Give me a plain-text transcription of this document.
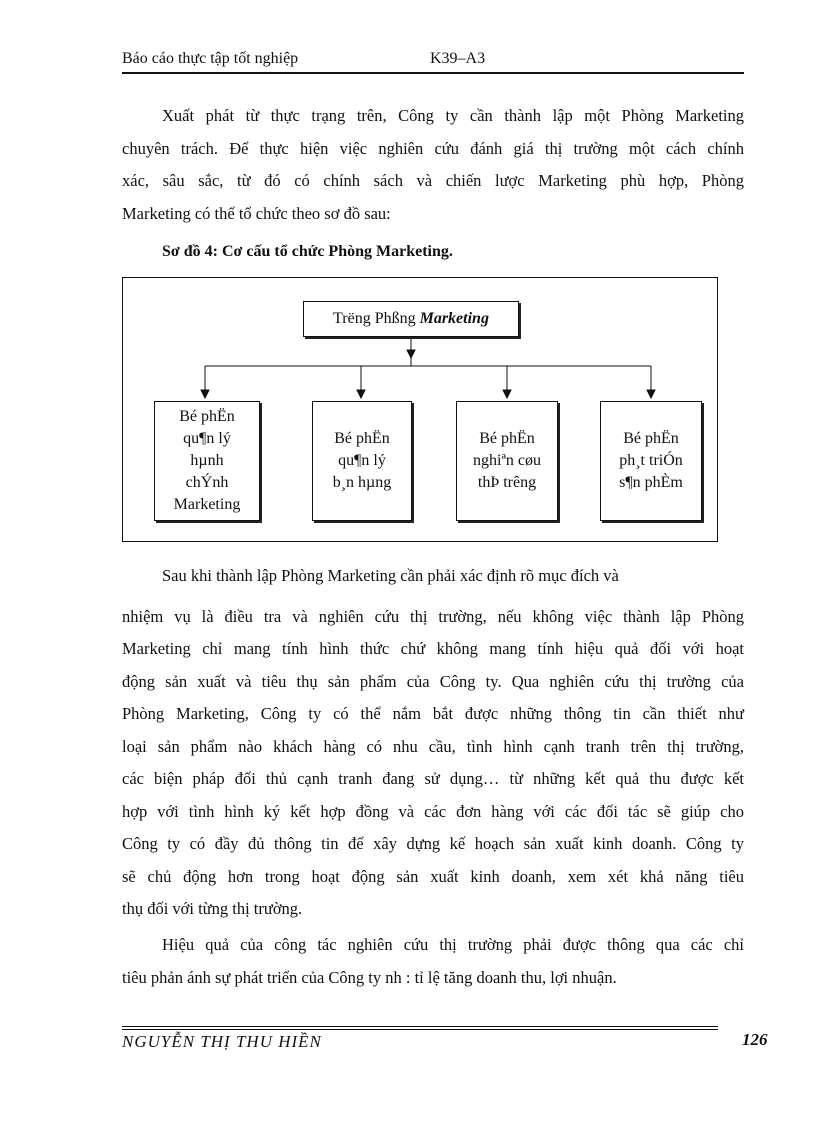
Báo cáo thực tập tốt nghiệp	K39–A3
Xuất phát từ thực trạng trên, Công ty cần thành lập một Phòng Marketing
chuyên trách. Để thực hiện việc nghiên cứu đánh giá thị trường một cách chính
xác, sâu sắc, từ đó có chính sách và chiến lược Marketing phù hợp, Phòng
Marketing có thể tổ chức theo sơ đồ sau:
Sơ đồ 4: Cơ cấu tổ chức Phòng Marketing.
Trëng Phßng Marketing
Bé phËn
qu¶n lý
hµnh
chÝnh
Marketing
Bé phËn
qu¶n lý
b¸n hµng
Bé phËn
nghiªn cøu
thÞ trêng
Bé phËn
ph¸t triÓn
s¶n phÈm
Sau khi thành lập Phòng Marketing cần phải xác định rõ mục đích và
nhiệm vụ là điều tra và nghiên cứu thị trường, nếu không việc thành lập Phòng
Marketing chỉ mang tính hình thức chứ không mang tính hiệu quả đối với hoạt
động sản xuất và tiêu thụ sản phẩm của Công ty. Qua nghiên cứu thị trường của
Phòng Marketing, Công ty có thể nắm bắt được những thông tin cần thiết như
loại sản phẩm nào khách hàng có nhu cầu, tình hình cạnh tranh trên thị trường,
các biện pháp đối thủ cạnh tranh đang sử dụng… từ những kết quả thu được kết
hợp với tình hình ký kết hợp đồng và các đơn hàng với các đối tác sẽ giúp cho
Công ty có đầy đủ thông tin để xây dựng kế hoạch sản xuất kinh doanh. Công ty
sẽ chủ động hơn trong hoạt động sản xuất kinh doanh, xem xét khả năng tiêu
thụ đối với từng thị trường.
Hiệu quả của công tác nghiên cứu thị trường phải được thông qua các chỉ
tiêu phản ánh sự phát triển của Công ty nh : tỉ lệ tăng doanh thu, lợi nhuận.
NGUYỄN THỊ THU HIỀN	126
